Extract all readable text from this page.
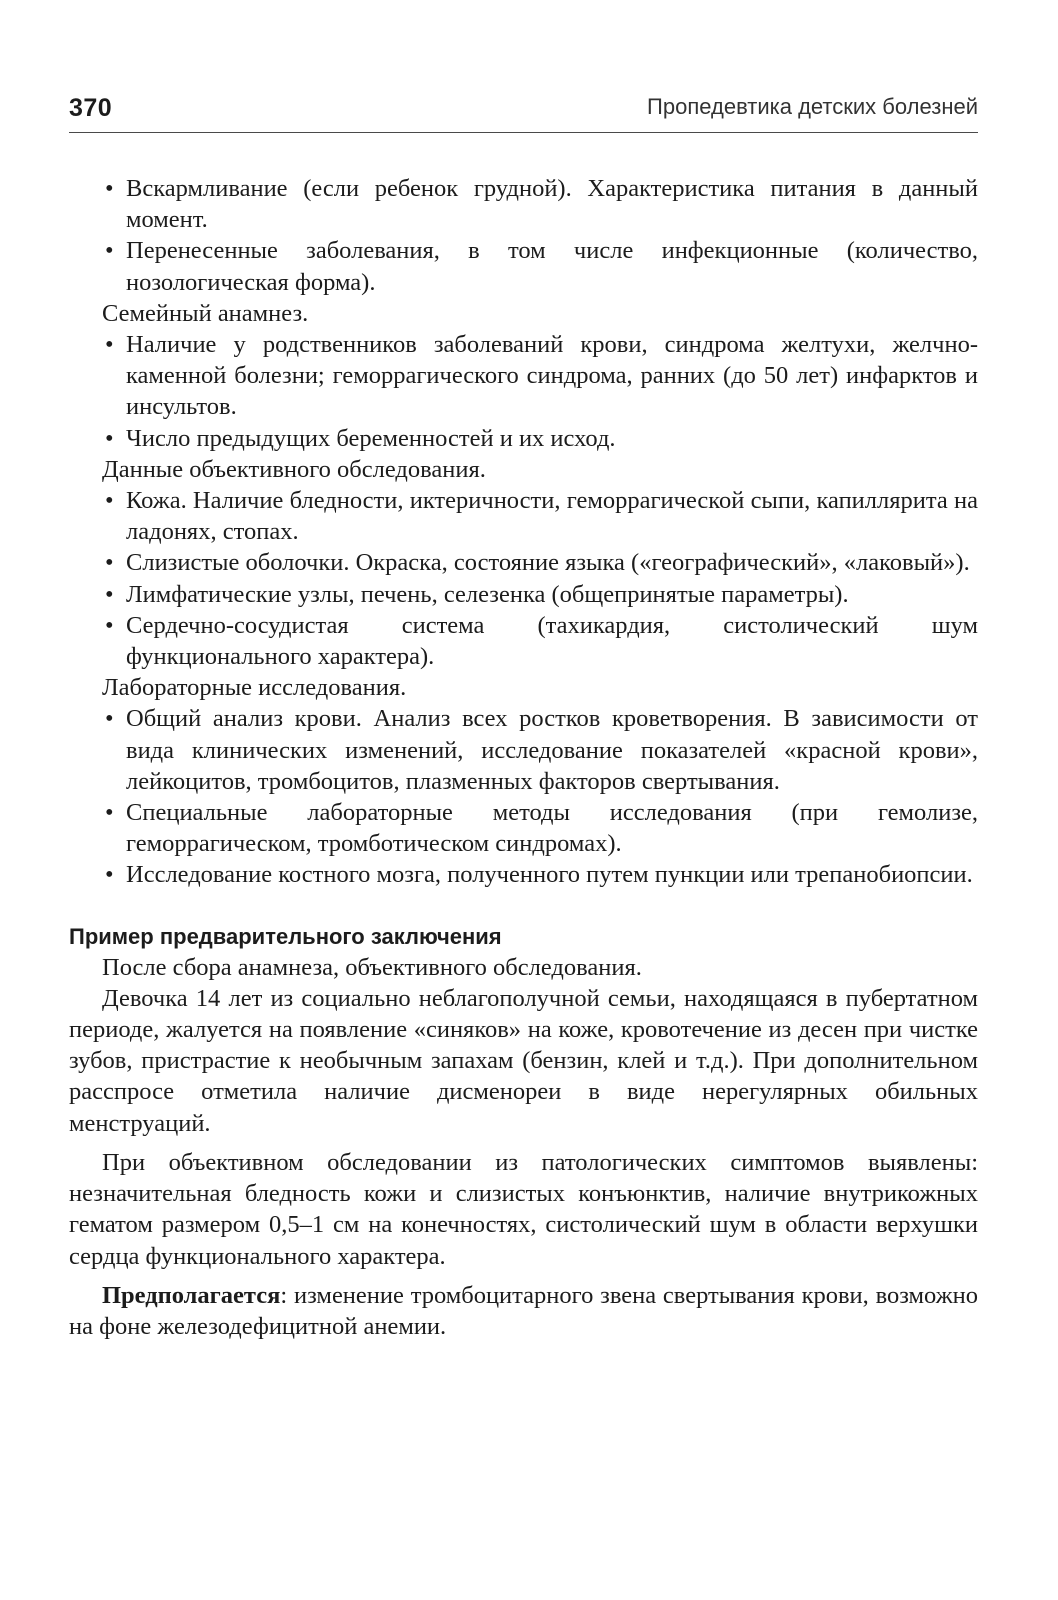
370	Пропедевтика детских болезней
• Вскармливание (если ребенок грудной). Характеристика питания в данный момент.
• Перенесенные заболевания, в том числе инфекционные (количество, нозологическая форма).
Семейный анамнез.
• Наличие у родственников заболеваний крови, синдрома желтухи, желчно-каменной болезни; геморрагического синдрома, ранних (до 50 лет) инфарктов и инсультов.
• Число предыдущих беременностей и их исход.
Данные объективного обследования.
• Кожа. Наличие бледности, иктеричности, геморрагической сыпи, капиллярита на ладонях, стопах.
• Слизистые оболочки. Окраска, состояние языка («географический», «лаковый»).
• Лимфатические узлы, печень, селезенка (общепринятые параметры).
• Сердечно-сосудистая система (тахикардия, систолический шум функционального характера).
Лабораторные исследования.
• Общий анализ крови. Анализ всех ростков кроветворения. В зависимости от вида клинических изменений, исследование показателей «красной крови», лейкоцитов, тромбоцитов, плазменных факторов свертывания.
• Специальные лабораторные методы исследования (при гемолизе, геморрагическом, тромботическом синдромах).
• Исследование костного мозга, полученного путем пункции или трепанобиопсии.
Пример предварительного заключения
После сбора анамнеза, объективного обследования.
Девочка 14 лет из социально неблагополучной семьи, находящаяся в пубертатном периоде, жалуется на появление «синяков» на коже, кровотечение из десен при чистке зубов, пристрастие к необычным запахам (бензин, клей и т.д.). При дополнительном расспросе отметила наличие дисменореи в виде нерегулярных обильных менструаций.
При объективном обследовании из патологических симптомов выявлены: незначительная бледность кожи и слизистых конъюнктив, наличие внутрикожных гематом размером 0,5–1 см на конечностях, систолический шум в области верхушки сердца функционального характера.
Предполагается: изменение тромбоцитарного звена свертывания крови, возможно на фоне железодефицитной анемии.
